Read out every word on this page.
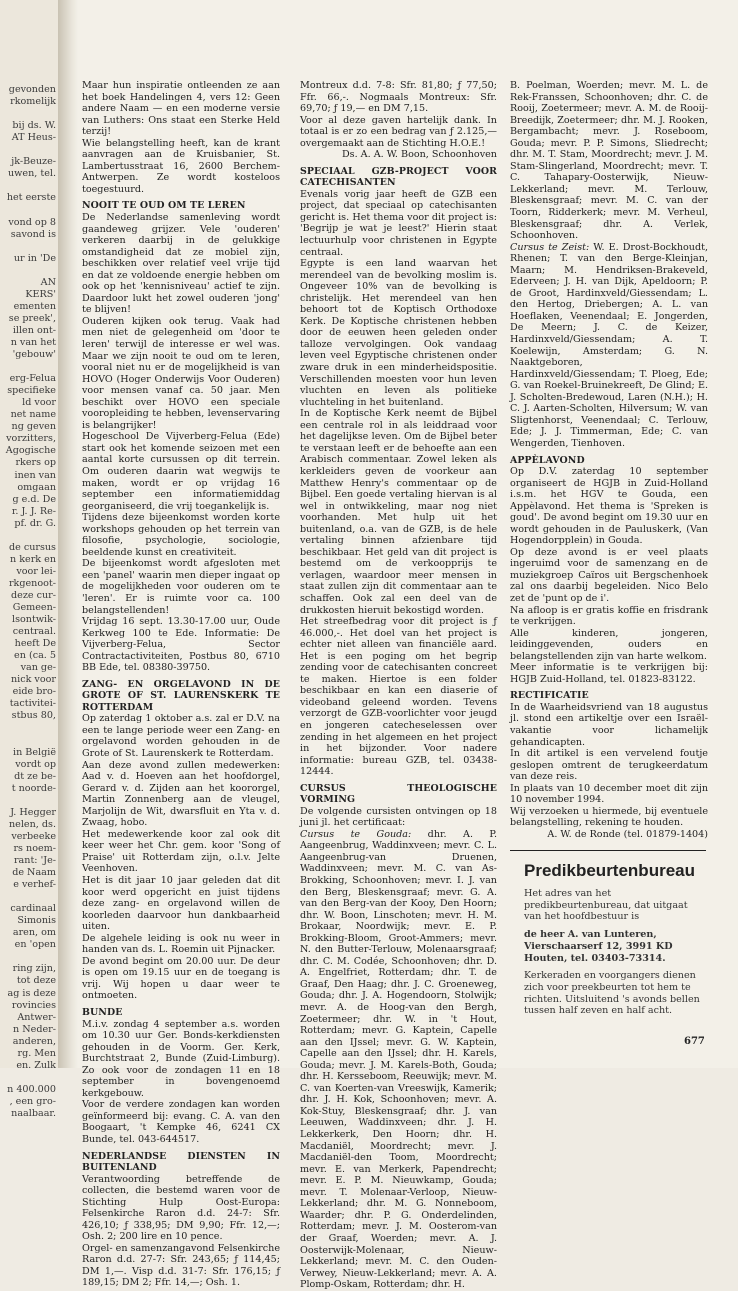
gevonden
rkomelijk
bij ds. W.
AT Heus-
jk-Beuze-
uwen, tel.
het eerste
vond op 8
savond is
ur in 'De
AN
KERS'
ementen
se preek',
illen ont-
n van het
'gebouw'
erg-Felua
specifieke
ld voor
net name
ng geven
vorzitters,
Agogische
rkers op
inen van
omgaan
g e.d. De
r. J. J. Re-
pf. dr. G.
de cursus
n kerk en
voor lei-
rkgenoot-
deze cur-
Gemeen-
lsontwik-
centraal.
heeft De
en (ca. 5
van ge-
nick voor
eide bro-
tactivitei-
stbus 80,
in België
vordt op
dt ze be-
t noorde-
J. Hegger
nelen, ds.
verbeeke
rs noem-
rant: 'Je-
de Naam
e verhef-
cardinaal
Simonis
aren, om
en 'open
ring zijn,
tot deze
ag is deze
rovincies
Antwer-
n Neder-
anderen,
rg. Men
en. Zulk
n 400.000
, een gro-
naalbaar.

Maar hun inspiratie ontleenden ze aan het boek Handelingen 4, vers 12: Geen andere Naam — en een moderne versie van Luthers: Ons staat een Sterke Held terzij!

Wie belangstelling heeft, kan de krant aanvragen aan de Kruisbanier, St. Lambertusstraat 16, 2600 Berchem-Antwerpen. Ze wordt kosteloos toegestuurd.

NOOIT TE OUD OM TE LEREN

De Nederlandse samenleving wordt gaandeweg grijzer. Vele 'ouderen' verkeren daarbij in de gelukkige omstandigheid dat ze mobiel zijn, beschikken over relatief veel vrije tijd en dat ze voldoende energie hebben om ook op het 'kennisniveau' actief te zijn. Daardoor lukt het zowel ouderen 'jong' te blijven!

Ouderen kijken ook terug. Vaak had men niet de gelegenheid om 'door te leren' terwijl de interesse er wel was. Maar we zijn nooit te oud om te leren, vooral niet nu er de mogelijkheid is van HOVO (Hoger Onderwijs Voor Ouderen) voor mensen vanaf ca. 50 jaar. Men beschikt over HOVO een speciale vooropleiding te hebben, levenservaring is belangrijker!

Hogeschool De Vijverberg-Felua (Ede) start ook het komende seizoen met een aantal korte cursussen op dit terrein. Om ouderen daarin wat wegwijs te maken, wordt er op vrijdag 16 september een informatiemiddag georganiseerd, die vrij toegankelijk is.

Tijdens deze bijeenkomst worden korte workshops gehouden op het terrein van filosofie, psychologie, sociologie, beeldende kunst en creativiteit.

De bijeenkomst wordt afgesloten met een 'panel' waarin men dieper ingaat op de mogelijkheden voor ouderen om te 'leren'. Er is ruimte voor ca. 100 belangstellenden!

Vrijdag 16 sept. 13.30-17.00 uur, Oude Kerkweg 100 te Ede. Informatie: De Vijverberg-Felua, Sector Contractactiviteiten, Postbus 80, 6710 BB Ede, tel. 08380-39750.

ZANG- EN ORGELAVOND IN DE GROTE OF ST. LAURENSKERK TE ROTTERDAM

Op zaterdag 1 oktober a.s. zal er D.V. na een te lange periode weer een Zang- en orgelavond worden gehouden in de Grote of St. Laurenskerk te Rotterdam.

Aan deze avond zullen medewerken: Aad v. d. Hoeven aan het hoofdorgel, Gerard v. d. Zijden aan het koororgel, Martin Zonnenberg aan de vleugel, Marjolijn de Wit, dwarsfluit en Yta v. d. Zwaag, hobo.

Het medewerkende koor zal ook dit keer weer het Chr. gem. koor 'Song of Praise' uit Rotterdam zijn, o.l.v. Jelte Veenhoven.

Het is dit jaar 10 jaar geleden dat dit koor werd opgericht en juist tijdens deze zang- en orgelavond willen de koorleden daarvoor hun dankbaarheid uiten.

De algehele leiding is ook nu weer in handen van ds. L. Roemin uit Pijnacker.

De avond begint om 20.00 uur. De deur is open om 19.15 uur en de toegang is vrij. Wij hopen u daar weer te ontmoeten.

BUNDE

M.i.v. zondag 4 september a.s. worden om 10.30 uur Ger. Bonds-kerkdiensten gehouden in de Voorm. Ger. Kerk, Burchtstraat 2, Bunde (Zuid-Limburg). Zo ook voor de zondagen 11 en 18 september in bovengenoemd kerkgebouw.

Voor de verdere zondagen kan worden geïnformeerd bij: evang. C. A. van den Boogaart, 't Kempke 46, 6241 CX Bunde, tel. 043-644517.

NEDERLANDSE DIENSTEN IN BUITENLAND

Verantwoording betreffende de collecten, die bestemd waren voor de Stichting Hulp Oost-Europa: Felsenkirche Raron d.d. 24-7: Sfr. 426,10; ƒ 338,95; DM 9,90; Ffr. 12,—; Osh. 2; 200 lire en 10 pence.

Orgel- en samenzangavond Felsenkirche Raron d.d. 27-7: Sfr. 243,65; ƒ 114,45; DM 1,—. Visp d.d. 31-7: Sfr. 176,15; ƒ 189,15; DM 2; Ffr. 14,—; Osh. 1.

Montreux d.d. 7-8: Sfr. 81,80; ƒ 77,50; Ffr. 66,-. Nogmaals Montreux: Sfr. 69,70; ƒ 19,— en DM 7,15.

Voor al deze gaven hartelijk dank. In totaal is er zo een bedrag van ƒ 2.125,— overgemaakt aan de Stichting H.O.E.!

Ds. A. A. W. Boon, Schoonhoven

SPECIAAL GZB-PROJECT VOOR CATECHISANTEN

Evenals vorig jaar heeft de GZB een project, dat speciaal op catechisanten gericht is. Het thema voor dit project is: 'Begrijp je wat je leest?' Hierin staat lectuurhulp voor christenen in Egypte centraal.

Egypte is een land waarvan het merendeel van de bevolking moslim is. Ongeveer 10% van de bevolking is christelijk. Het merendeel van hen behoort tot de Koptisch Orthodoxe Kerk. De Koptische christenen hebben door de eeuwen heen geleden onder talloze vervolgingen. Ook vandaag leven veel Egyptische christenen onder zware druk in een minderheidspositie. Verschillenden moesten voor hun leven vluchten en leven als politieke vluchteling in het buitenland.

In de Koptische Kerk neemt de Bijbel een centrale rol in als leiddraad voor het dagelijkse leven. Om de Bijbel beter te verstaan leeft er de behoefte aan een Arabisch commentaar. Zowel leken als kerkleiders geven de voorkeur aan Matthew Henry's commentaar op de Bijbel. Een goede vertaling hiervan is al wel in ontwikkeling, maar nog niet voorhanden. Met hulp uit het buitenland, o.a. van de GZB, is de hele vertaling binnen afzienbare tijd beschikbaar. Het geld van dit project is bestemd om de verkoopprijs te verlagen, waardoor meer mensen in staat zullen zijn dit commentaar aan te schaffen. Ook zal een deel van de drukkosten hieruit bekostigd worden.

Het streefbedrag voor dit project is ƒ 46.000,-. Het doel van het project is echter niet alleen van financiële aard. Het is een poging om het begrip zending voor de catechisanten concreet te maken. Hiertoe is een folder beschikbaar en kan een diaserie of videoband geleend worden. Tevens verzorgt de GZB-voorlichter voor jeugd en jongeren catecheselessen over zending in het algemeen en het project in het bijzonder. Voor nadere informatie: bureau GZB, tel. 03438-12444.

CURSUS THEOLOGISCHE VORMING

De volgende cursisten ontvingen op 18 juni jl. het certificaat:

Cursus te Gouda: dhr. A. P. Aangeenbrug, Waddinxveen; mevr. C. L. Aangeenbrug-van Druenen, Waddinxveen; mevr. M. C. van As-Brokking, Schoonhoven; mevr. I. J. van den Berg, Bleskensgraaf; mevr. G. A. van den Berg-van der Kooy, Den Hoorn; dhr. W. Boon, Linschoten; mevr. H. M. Brokaar, Noordwijk; mevr. E. P. Brokking-Bloom, Groot-Ammers; mevr. N. den Butter-Terlouw, Molenaarsgraaf; dhr. C. M. Codée, Schoonhoven; dhr. D. A. Engelfriet, Rotterdam; dhr. T. de Graaf, Den Haag; dhr. J. C. Groeneweg, Gouda; dhr. J. A. Hogendoorn, Stolwijk; mevr. A. de Hoog-van den Bergh, Zoetermeer; dhr. W. in 't Hout, Rotterdam; mevr. G. Kaptein, Capelle aan den IJssel; mevr. G. W. Kaptein, Capelle aan den IJssel; dhr. H. Karels, Gouda; mevr. J. M. Karels-Both, Gouda; dhr. H. Kersseboom, Reeuwijk; mevr. M. C. van Koerten-van Vreeswijk, Kamerik; dhr. J. H. Kok, Schoonhoven; mevr. A. Kok-Stuy, Bleskensgraaf; dhr. J. van Leeuwen, Waddinxveen; dhr. J. H. Lekkerkerk, Den Hoorn; dhr. H. Macdaniël, Moordrecht; mevr. J. Macdaniël-den Toom, Moordrecht; mevr. E. van Merkerk, Papendrecht; mevr. E. P. M. Nieuwkamp, Gouda; mevr. T. Molenaar-Verloop, Nieuw-Lekkerland; dhr. M. G. Nonneboom, Waarder; dhr. P. G. Onderdelinden, Rotterdam; mevr. J. M. Oosterom-van der Graaf, Woerden; mevr. A. J. Oosterwijk-Molenaar, Nieuw-Lekkerland; mevr. M. C. den Ouden-Verwey, Nieuw-Lekkerland; mevr. A. A. Plomp-Oskam, Rotterdam; dhr. H.

B. Poelman, Woerden; mevr. M. L. de Rek-Franssen, Schoonhoven; dhr. C. de Rooij, Zoetermeer; mevr. A. M. de Rooij-Breedijk, Zoetermeer; dhr. M. J. Rooken, Bergambacht; mevr. J. Roseboom, Gouda; mevr. P. P. Simons, Sliedrecht; dhr. M. T. Stam, Moordrecht; mevr. J. M. Stam-Slingerland, Moordrecht; mevr. T. C. Tahapary-Oosterwijk, Nieuw-Lekkerland; mevr. M. Terlouw, Bleskensgraaf; mevr. M. C. van der Toorn, Ridderkerk; mevr. M. Verheul, Bleskensgraaf; dhr. A. Verlek, Schoonhoven.

Cursus te Zeist: W. E. Drost-Bockhoudt, Rhenen; T. van den Berge-Kleinjan, Maarn; M. Hendriksen-Brakeveld, Ederveen; J. H. van Dijk, Apeldoorn; P. de Groot, Hardinxveld/Giessendam; L. den Hertog, Driebergen; A. L. van Hoeflaken, Veenendaal; E. Jongerden, De Meern; J. C. de Keizer, Hardinxveld/Giessendam; A. T. Koelewijn, Amsterdam; G. N. Naaktgeboren, Hardinxveld/Giessendam; T. Ploeg, Ede; G. van Roekel-Bruinekreeft, De Glind; E. J. Scholten-Bredewoud, Laren (N.H.); H. C. J. Aarten-Scholten, Hilversum; W. van Sligtenhorst, Veenendaal; C. Terlouw, Ede; J. J. Timmerman, Ede; C. van Wengerden, Tienhoven.

APPÈLAVOND

Op D.V. zaterdag 10 september organiseert de HGJB in Zuid-Holland i.s.m. het HGV te Gouda, een Appèlavond. Het thema is 'Spreken is goud'. De avond begint om 19.30 uur en wordt gehouden in de Pauluskerk, (Van Hogendorpplein) in Gouda.

Op deze avond is er veel plaats ingeruimd voor de samenzang en de muziekgroep Caïros uit Bergschenhoek zal ons daarbij begeleiden. Nico Belo zet de 'punt op de i'.

Na afloop is er gratis koffie en frisdrank te verkrijgen.

Alle kinderen, jongeren, leidinggevenden, ouders en belangstellenden zijn van harte welkom.

Meer informatie is te verkrijgen bij: HGJB Zuid-Holland, tel. 01823-83122.

RECTIFICATIE

In de Waarheidsvriend van 18 augustus jl. stond een artikeltje over een Israël-vakantie voor lichamelijk gehandicapten.

In dit artikel is een vervelend foutje geslopen omtrent de terugkeerdatum van deze reis.

In plaats van 10 december moet dit zijn 10 november 1994.

Wij verzoeken u hiermede, bij eventuele belangstelling, rekening te houden.

A. W. de Ronde (tel. 01879-1404)

Predikbeurtenbureau

Het adres van het predikbeurtenbureau, dat uitgaat van het hoofdbestuur is

de heer A. van Lunteren, Vierschaarserf 12, 3991 KD Houten, tel. 03403-73314.

Kerkeraden en voorgangers dienen zich voor preekbeurten tot hem te richten. Uitsluitend 's avonds bellen tussen half zeven en half acht.

677
